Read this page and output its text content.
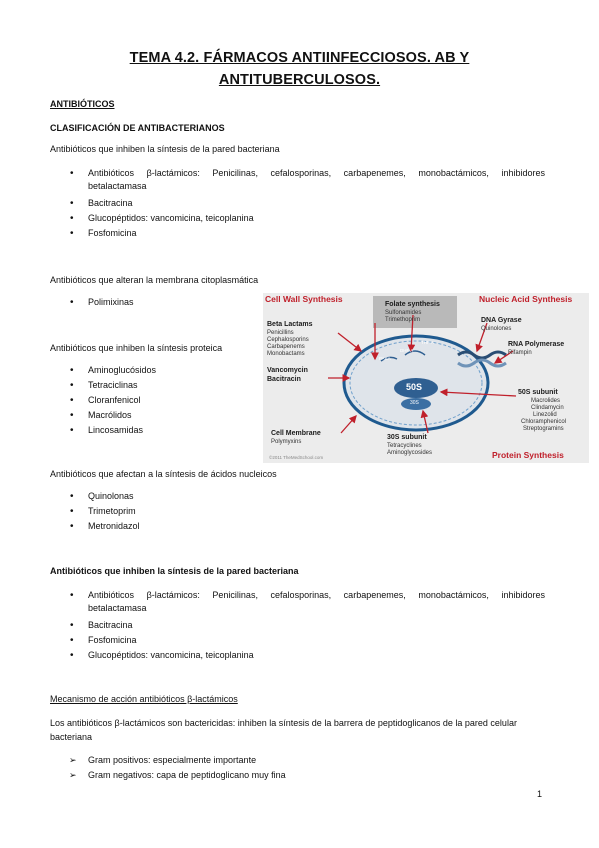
TEMA 4.2. FÁRMACOS ANTIINFECCIOSOS. AB Y
ANTITUBERCULOSOS.
ANTIBIÓTICOS
CLASIFICACIÓN DE ANTIBACTERIANOS
Antibióticos que inhiben la síntesis de la pared bacteriana
• Antibióticos β-lactámicos: Penicilinas, cefalosporinas, carbapenemes, monobactámicos, inhibidores betalactamasa
• Bacitracina
• Glucopéptidos: vancomicina, teicoplanina
• Fosfomicina
Antibióticos que alteran la membrana citoplasmática
• Polimixinas
Antibióticos que inhiben la síntesis proteica
• Aminoglucósidos
• Tetraciclinas
• Cloranfenicol
• Macrólidos
• Lincosamidas
Cell Wall Synthesis	Nucleic Acid Synthesis
Protein Synthesis
Folate synthesis
Sulfonamides
Trimethoprim
Beta Lactams
Penicillins
Cephalosporins
Carbapenems
Monobactams
DNA Gyrase
Quinolones
RNA Polymerase
Rifampin
Vancomycin
Bacitracin
PABA
DHF A
THF A
50S
30S
50S subunit
Macrolides
Clindamycin
Linezolid
Chloramphenicol
Streptogramins
30S subunit
Tetracyclines
Aminoglycosides
Cell Membrane
Polymyxins
©2011 TheMedSchool.com
Antibióticos que afectan a la síntesis de ácidos nucleicos
• Quinolonas
• Trimetoprim
• Metronidazol
Antibióticos que inhiben la síntesis de la pared bacteriana
• Antibióticos β-lactámicos: Penicilinas, cefalosporinas, carbapenemes, monobactámicos, inhibidores betalactamasa
• Bacitracina
• Fosfomicina
• Glucopéptidos: vancomicina, teicoplanina
Mecanismo de acción antibióticos β-lactámicos
Los antibióticos β-lactámicos son bactericidas: inhiben la síntesis de la barrera de peptidoglicanos de la pared celular bacteriana
➢ Gram positivos: especialmente importante
➢ Gram negativos: capa de peptidoglicano muy fina
1
